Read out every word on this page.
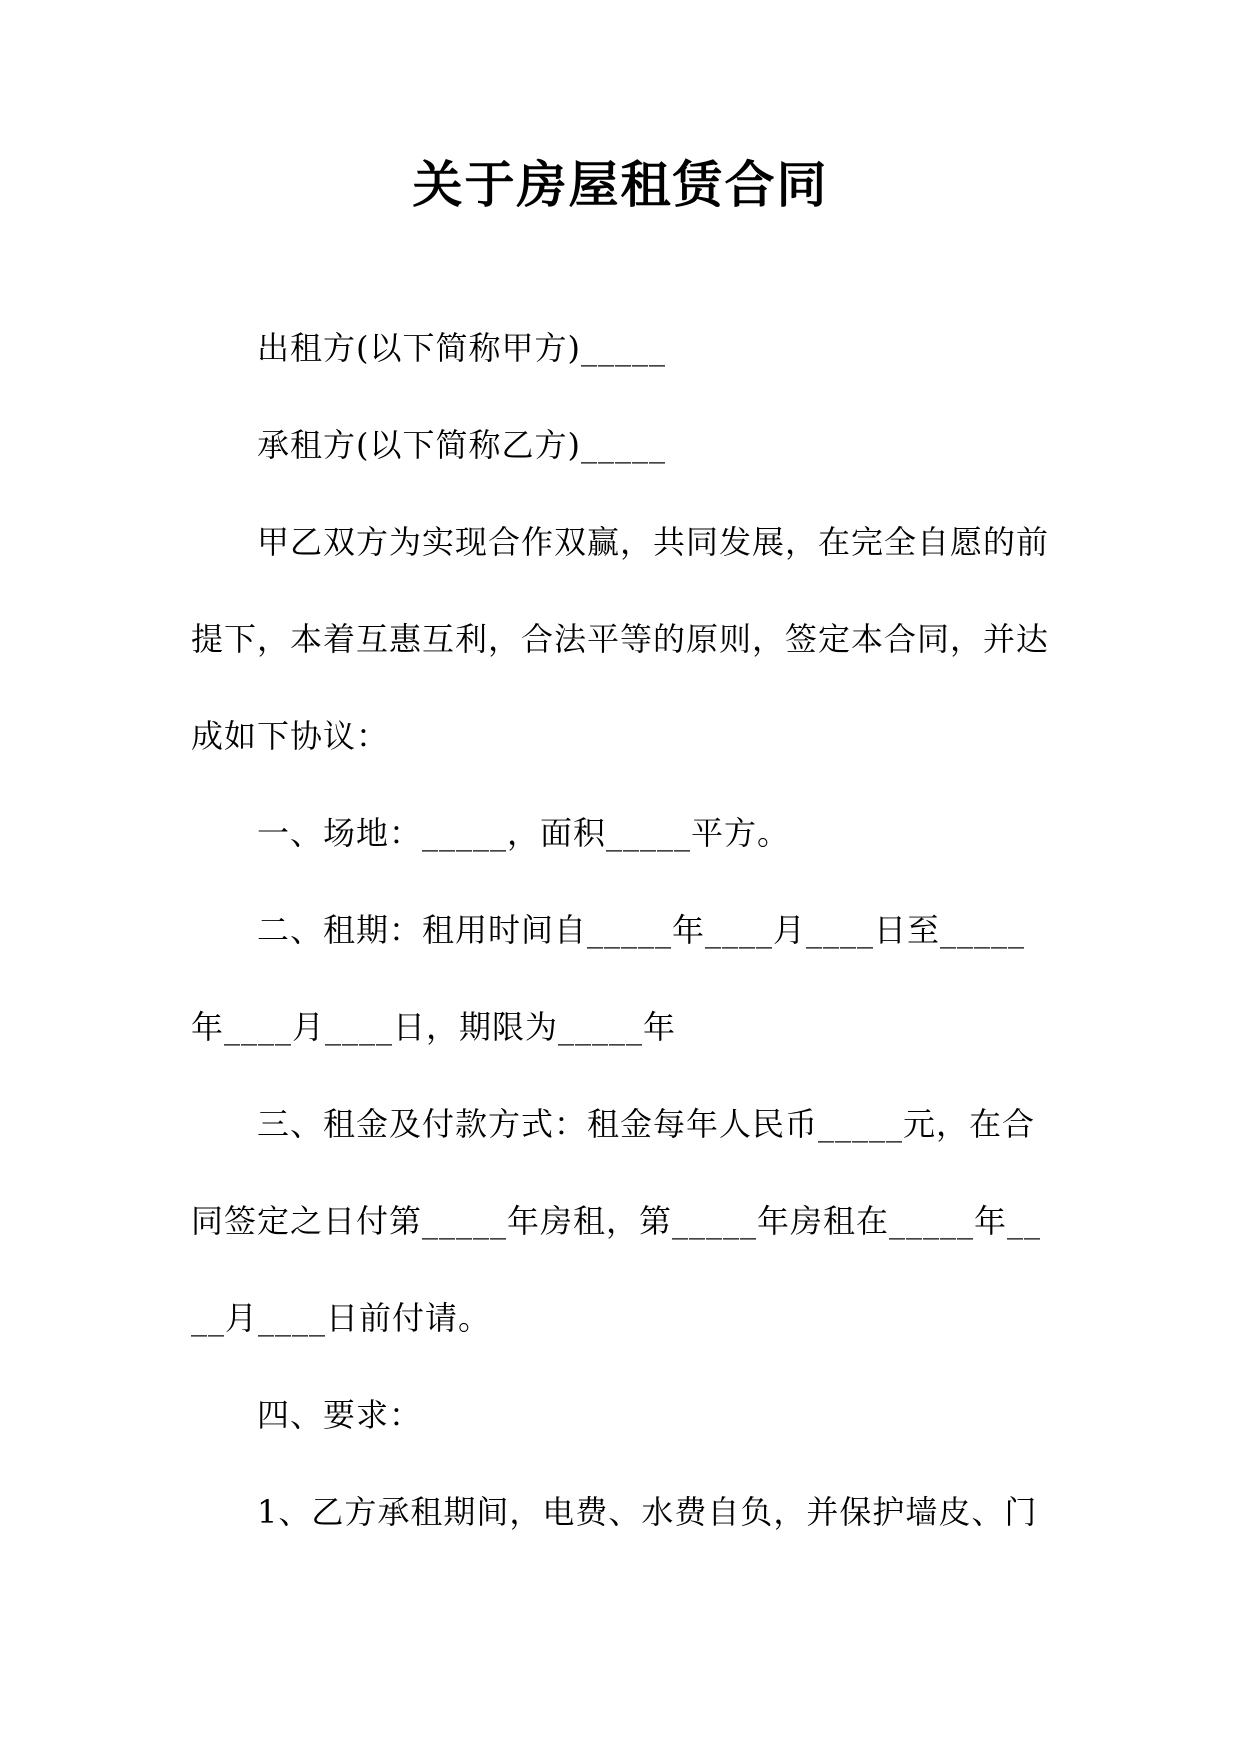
关于房屋租赁合同

出租方(以下简称甲方)_____

承租方(以下简称乙方)_____

甲乙双方为实现合作双赢，共同发展，在完全自愿的前提下，本着互惠互利，合法平等的原则，签定本合同，并达成如下协议：

一、场地：_____，面积_____平方。

二、租期：租用时间自_____年____月____日至_____年____月____日，期限为_____年

三、租金及付款方式：租金每年人民币_____元，在合同签定之日付第_____年房租，第_____年房租在_____年____月____日前付请。

四、要求：

1、乙方承租期间，电费、水费自负，并保护墙皮、门
